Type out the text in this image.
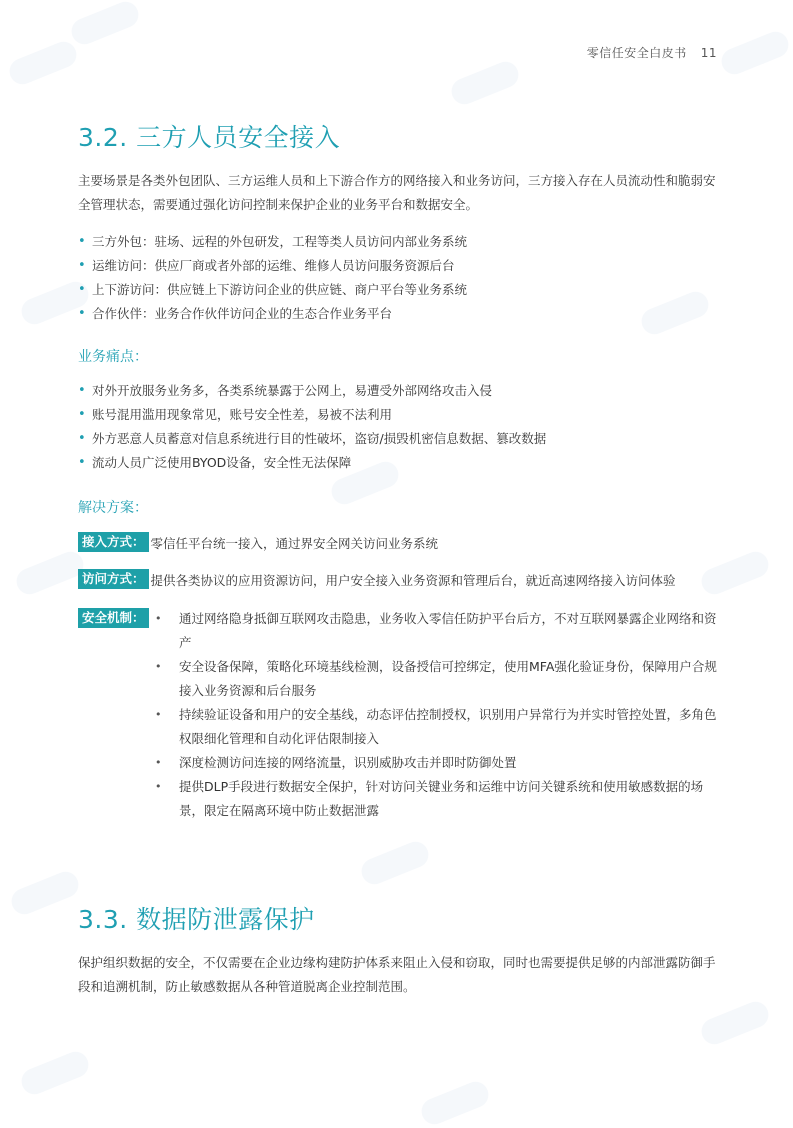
零信任安全白皮书 11
3.2. 三方人员安全接入

主要场景是各类外包团队、三方运维人员和上下游合作方的网络接入和业务访问，三方接入存在人员流动性和脆弱安全管理状态，需要通过强化访问控制来保护企业的业务平台和数据安全。

• 三方外包：驻场、远程的外包研发，工程等类人员访问内部业务系统
• 运维访问：供应厂商或者外部的运维、维修人员访问服务资源后台
• 上下游访问：供应链上下游访问企业的供应链、商户平台等业务系统
• 合作伙伴：业务合作伙伴访问企业的生态合作业务平台
业务痛点：
• 对外开放服务业务多，各类系统暴露于公网上，易遭受外部网络攻击入侵
• 账号混用滥用现象常见，账号安全性差，易被不法利用
• 外方恶意人员蓄意对信息系统进行目的性破坏，盗窃/损毁机密信息数据、篡改数据
• 流动人员广泛使用BYOD设备，安全性无法保障
解决方案：
接入方式： 零信任平台统一接入，通过界安全网关访问业务系统
访问方式： 提供各类协议的应用资源访问，用户安全接入业务资源和管理后台，就近高速网络接入访问体验
安全机制：
•	通过网络隐身抵御互联网攻击隐患，业务收入零信任防护平台后方，不对互联网暴露企业网络和资产
• 安全设备保障，策略化环境基线检测，设备授信可控绑定，使用MFA强化验证身份，保障用户合规接入业务资源和后台服务
• 持续验证设备和用户的安全基线，动态评估控制授权，识别用户异常行为并实时管控处置，多角色权限细化管理和自动化评估限制接入
• 深度检测访问连接的网络流量，识别威胁攻击并即时防御处置
• 提供DLP手段进行数据安全保护，针对访问关键业务和运维中访问关键系统和使用敏感数据的场景，限定在隔离环境中防止数据泄露
3.3. 数据防泄露保护

保护组织数据的安全，不仅需要在企业边缘构建防护体系来阻止入侵和窃取，同时也需要提供足够的内部泄露防御手段和追溯机制，防止敏感数据从各种管道脱离企业控制范围。
